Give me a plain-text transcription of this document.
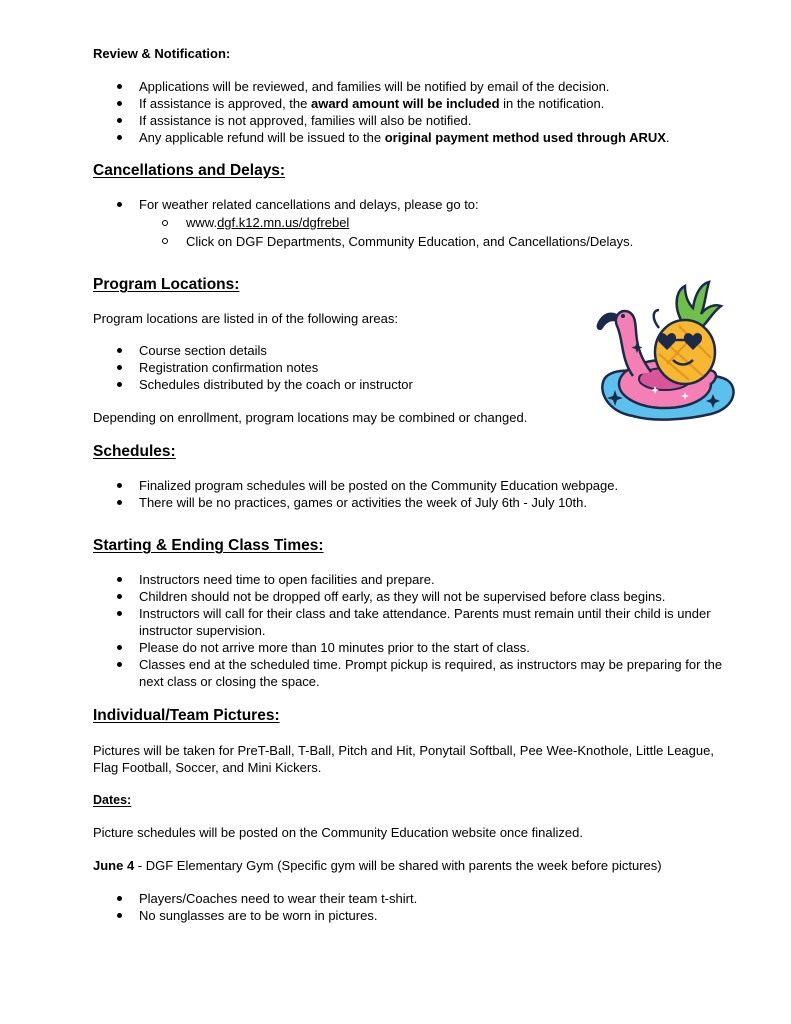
Review & Notification:

Applications will be reviewed, and families will be notified by email of the decision.
If assistance is approved, the award amount will be included in the notification.
If assistance is not approved, families will also be notified.
Any applicable refund will be issued to the original payment method used through ARUX.

Cancellations and Delays:

For weather related cancellations and delays, please go to:
www.dgf.k12.mn.us/dgfrebel
Click on DGF Departments, Community Education, and Cancellations/Delays.

Program Locations:

Program locations are listed in of the following areas:

Course section details
Registration confirmation notes
Schedules distributed by the coach or instructor

Depending on enrollment, program locations may be combined or changed.

Schedules:

Finalized program schedules will be posted on the Community Education webpage.
There will be no practices, games or activities the week of July 6th - July 10th.

Starting & Ending Class Times:

Instructors need time to open facilities and prepare.
Children should not be dropped off early, as they will not be supervised before class begins.
Instructors will call for their class and take attendance. Parents must remain until their child is under instructor supervision.
Please do not arrive more than 10 minutes prior to the start of class.
Classes end at the scheduled time. Prompt pickup is required, as instructors may be preparing for the next class or closing the space.

Individual/Team Pictures:

Pictures will be taken for PreT-Ball, T-Ball, Pitch and Hit, Ponytail Softball, Pee Wee-Knothole, Little League, Flag Football, Soccer, and Mini Kickers.

Dates:

Picture schedules will be posted on the Community Education website once finalized.

June 4 - DGF Elementary Gym (Specific gym will be shared with parents the week before pictures)

Players/Coaches need to wear their team t-shirt.
No sunglasses are to be worn in pictures.
